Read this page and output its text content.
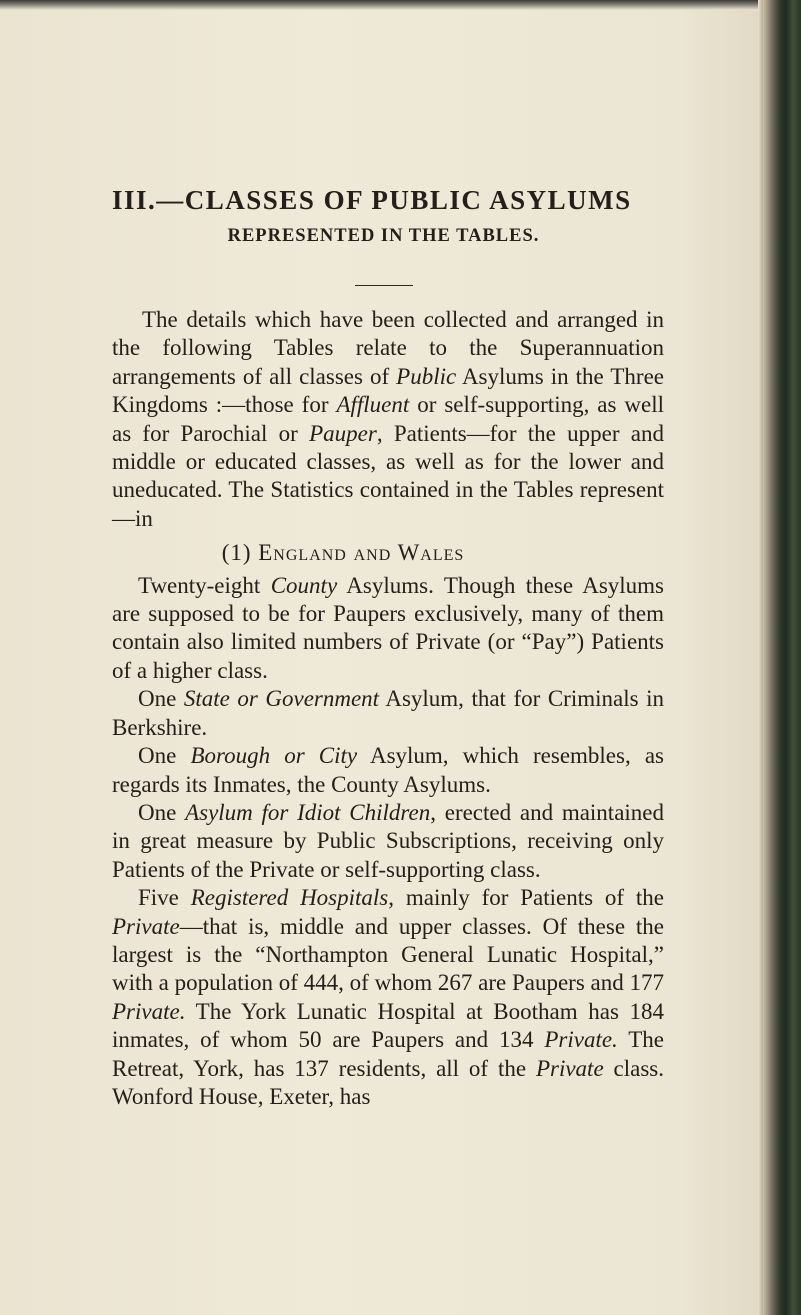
III.—CLASSES OF PUBLIC ASYLUMS
REPRESENTED IN THE TABLES.

The details which have been collected and arranged in the following Tables relate to the Superannuation arrangements of all classes of Public Asylums in the Three Kingdoms :—those for Affluent or self-supporting, as well as for Parochial or Pauper, Patients—for the upper and middle or educated classes, as well as for the lower and uneducated. The Statistics contained in the Tables represent—in

(1) England and Wales

Twenty-eight County Asylums. Though these Asylums are supposed to be for Paupers exclusively, many of them contain also limited numbers of Private (or “Pay”) Patients of a higher class.

One State or Government Asylum, that for Criminals in Berkshire.

One Borough or City Asylum, which resembles, as regards its Inmates, the County Asylums.

One Asylum for Idiot Children, erected and maintained in great measure by Public Subscriptions, receiving only Patients of the Private or self-supporting class.

Five Registered Hospitals, mainly for Patients of the Private—that is, middle and upper classes. Of these the largest is the “Northampton General Lunatic Hospital,” with a population of 444, of whom 267 are Paupers and 177 Private. The York Lunatic Hospital at Bootham has 184 inmates, of whom 50 are Paupers and 134 Private. The Retreat, York, has 137 residents, all of the Private class. Wonford House, Exeter, has
